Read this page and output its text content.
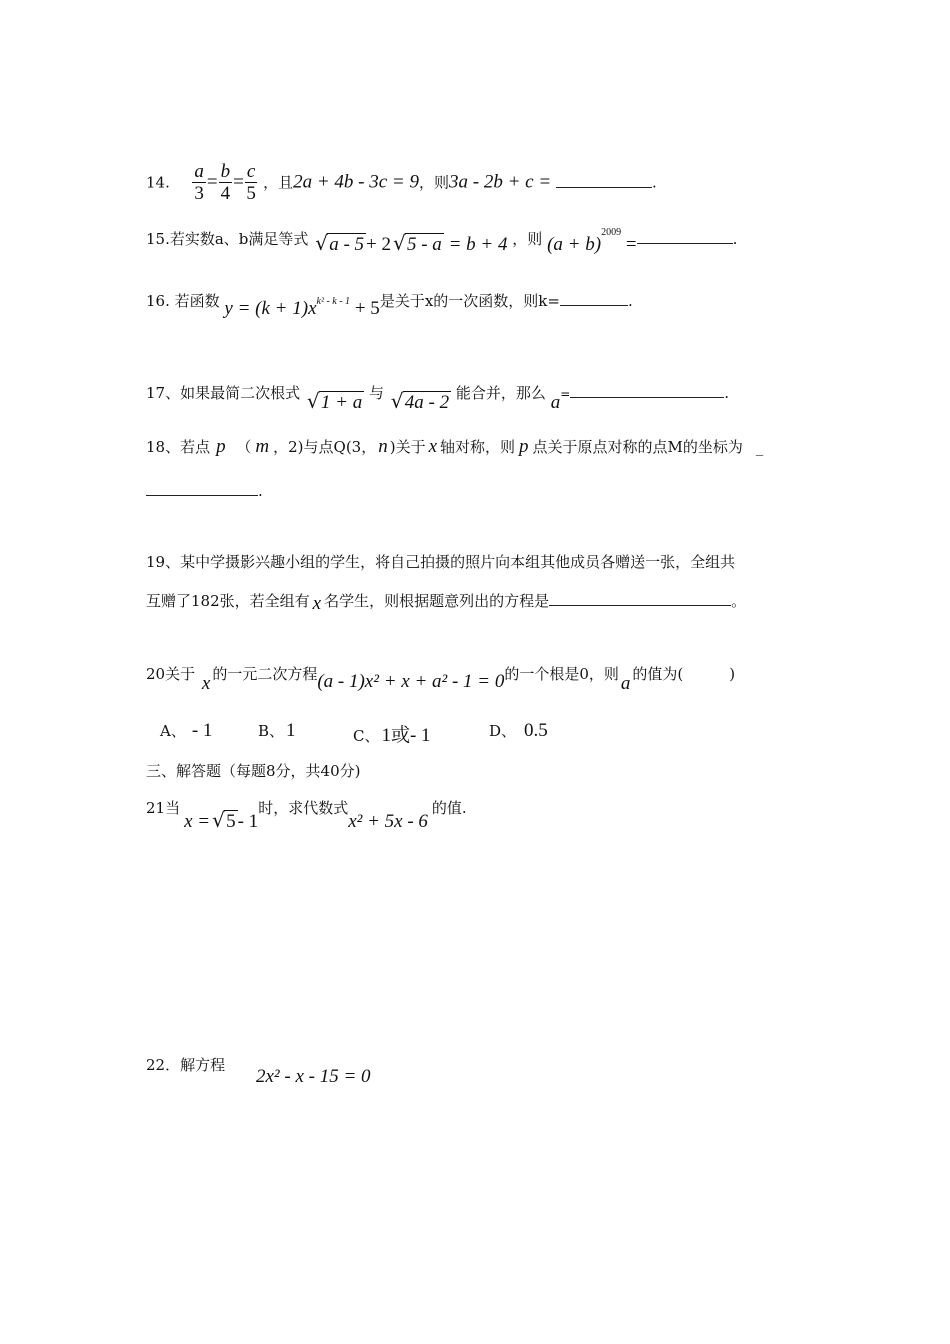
14. $\frac{a}{3} = \frac{b}{4} = \frac{c}{5}$ ，且2a + 4b - 3c = 9，则3a - 2b + c =	.
15.若实数a、b满足等式 √ a - 5 + 2 √ 5 - a = b + 4 ，则 $(a + b)^{2009}$ =	.
16. 若函数 y = (k + 1)xk² - k - 1 + 5是关于x的一次函数，则k=	.
17、如果最简二次根式 √ 1 + a 与 √ 4a - 2 能合并，那么 a=	.
18、若点 p （ m ，2)与点Q(3， n )关于 x 轴对称，则 p 点关于原点对称的点M的坐标为 _
.
19、某中学摄影兴趣小组的学生，将自己拍摄的照片向本组其他成员各赠送一张，全组共
互赠了182张，若全组有 x 名学生，则根据题意列出的方程是	。
20关于 x 的一元二次方程(a - 1)x² + x + a² - 1 = 0的一个根是0，则 a 的值为(	)
A、 - 1	B、 1	C、 1或- 1	D、 0.5
三、解答题（每题8分，共40分)
21当x = √ 5 - 1时，求代数式x² + 5x - 6的值.
22．解方程
2x² - x - 15 = 0
